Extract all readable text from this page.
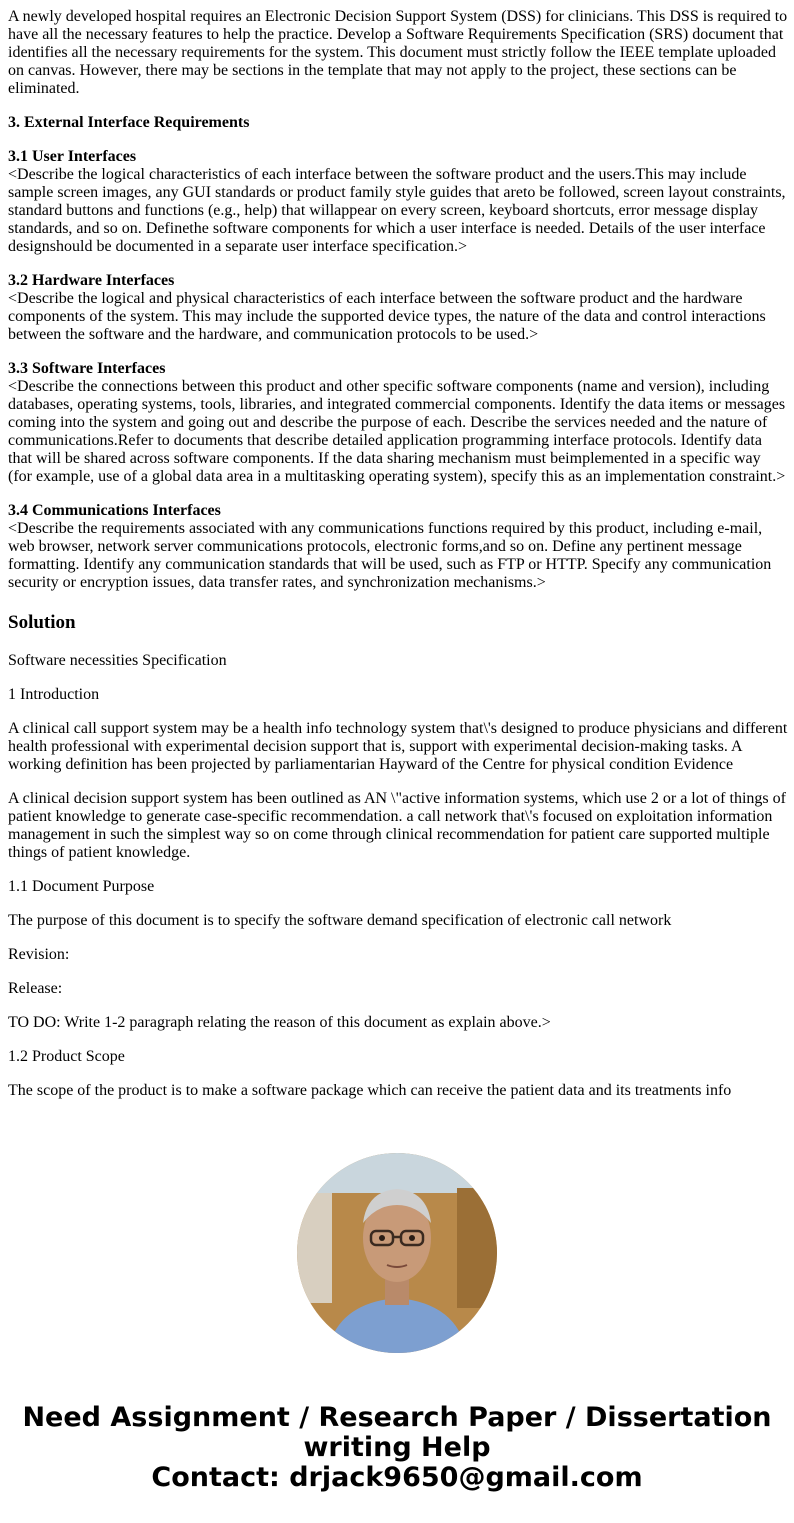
A newly developed hospital requires an Electronic Decision Support System (DSS) for clinicians. This DSS is required to have all the necessary features to help the practice. Develop a Software Requirements Specification (SRS) document that identifies all the necessary requirements for the system. This document must strictly follow the IEEE template uploaded on canvas. However, there may be sections in the template that may not apply to the project, these sections can be eliminated.

3. External Interface Requirements

3.1 User Interfaces
<Describe the logical characteristics of each interface between the software product and the users.This may include sample screen images, any GUI standards or product family style guides that areto be followed, screen layout constraints, standard buttons and functions (e.g., help) that willappear on every screen, keyboard shortcuts, error message display standards, and so on. Definethe software components for which a user interface is needed. Details of the user interface designshould be documented in a separate user interface specification.>

3.2 Hardware Interfaces
<Describe the logical and physical characteristics of each interface between the software product and the hardware components of the system. This may include the supported device types, the nature of the data and control interactions between the software and the hardware, and communication protocols to be used.>

3.3 Software Interfaces
<Describe the connections between this product and other specific software components (name and version), including databases, operating systems, tools, libraries, and integrated commercial components. Identify the data items or messages coming into the system and going out and describe the purpose of each. Describe the services needed and the nature of communications.Refer to documents that describe detailed application programming interface protocols. Identify data that will be shared across software components. If the data sharing mechanism must beimplemented in a specific way (for example, use of a global data area in a multitasking operating system), specify this as an implementation constraint.>

3.4 Communications Interfaces
<Describe the requirements associated with any communications functions required by this product, including e-mail, web browser, network server communications protocols, electronic forms,and so on. Define any pertinent message formatting. Identify any communication standards that will be used, such as FTP or HTTP. Specify any communication security or encryption issues, data transfer rates, and synchronization mechanisms.>

Solution

Software necessities Specification

1 Introduction

A clinical call support system may be a health info technology system that\'s designed to produce physicians and different health professional with experimental decision support that is, support with experimental decision-making tasks. A working definition has been projected by parliamentarian Hayward of the Centre for physical condition Evidence

A clinical decision support system has been outlined as AN \"active information systems, which use 2 or a lot of things of patient knowledge to generate case-specific recommendation. a call network that\'s focused on exploitation information management in such the simplest way so on come through clinical recommendation for patient care supported multiple things of patient knowledge.

1.1 Document Purpose

The purpose of this document is to specify the software demand specification of electronic call network

Revision:

Release:

TO DO: Write 1-2 paragraph relating the reason of this document as explain above.>

1.2 Product Scope

The scope of the product is to make a software package which can receive the patient data and its treatments info

Need Assignment / Research Paper / Dissertation
writing Help
Contact: drjack9650@gmail.com
